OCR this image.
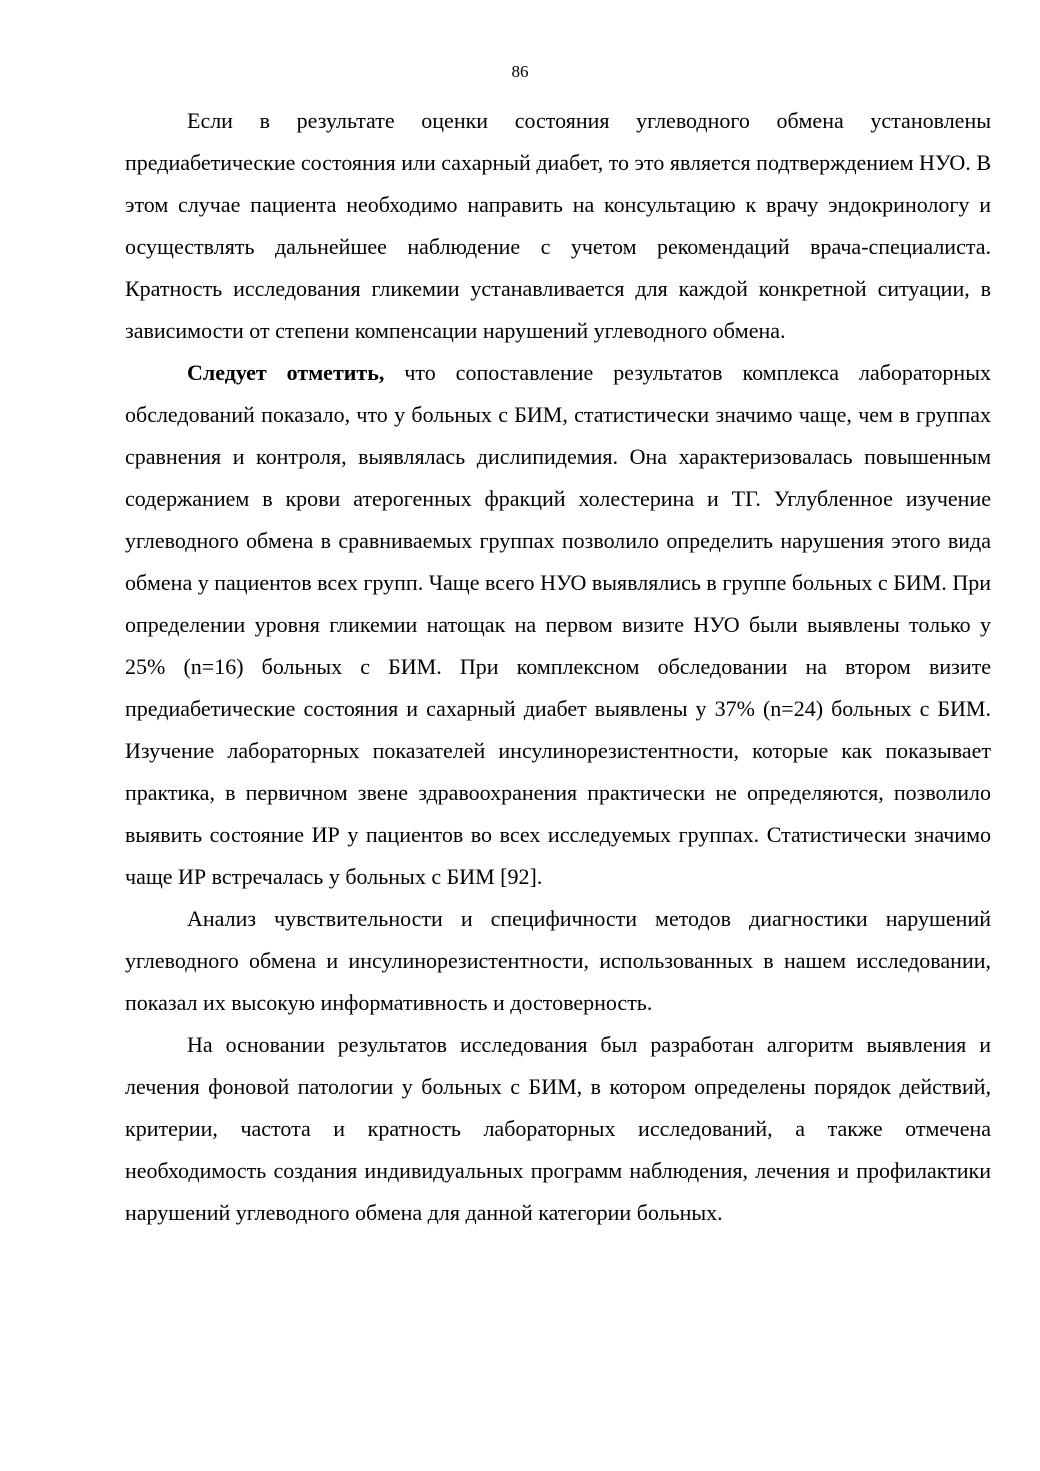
86

Если в результате оценки состояния углеводного обмена установлены предиабетические состояния или сахарный диабет, то это является подтверждением НУО. В этом случае пациента необходимо направить на консультацию к врачу эндокринологу и осуществлять дальнейшее наблюдение с учетом рекомендаций врача-специалиста. Кратность исследования гликемии устанавливается для каждой конкретной ситуации, в зависимости от степени компенсации нарушений углеводного обмена.

Следует отметить, что сопоставление результатов комплекса лабораторных обследований показало, что у больных с БИМ, статистически значимо чаще, чем в группах сравнения и контроля, выявлялась дислипидемия. Она характеризовалась повышенным содержанием в крови атерогенных фракций холестерина и ТГ. Углубленное изучение углеводного обмена в сравниваемых группах позволило определить нарушения этого вида обмена у пациентов всех групп. Чаще всего НУО выявлялись в группе больных с БИМ. При определении уровня гликемии натощак на первом визите НУО были выявлены только у 25% (n=16) больных с БИМ. При комплексном обследовании на втором визите предиабетические состояния и сахарный диабет выявлены у 37% (n=24) больных с БИМ. Изучение лабораторных показателей инсулинорезистентности, которые как показывает практика, в первичном звене здравоохранения практически не определяются, позволило выявить состояние ИР у пациентов во всех исследуемых группах. Статистически значимо чаще ИР встречалась у больных с БИМ [92].

Анализ чувствительности и специфичности методов диагностики нарушений углеводного обмена и инсулинорезистентности, использованных в нашем исследовании, показал их высокую информативность и достоверность.

На основании результатов исследования был разработан алгоритм выявления и лечения фоновой патологии у больных с БИМ, в котором определены порядок действий, критерии, частота и кратность лабораторных исследований, а также отмечена необходимость создания индивидуальных программ наблюдения, лечения и профилактики нарушений углеводного обмена для данной категории больных.
